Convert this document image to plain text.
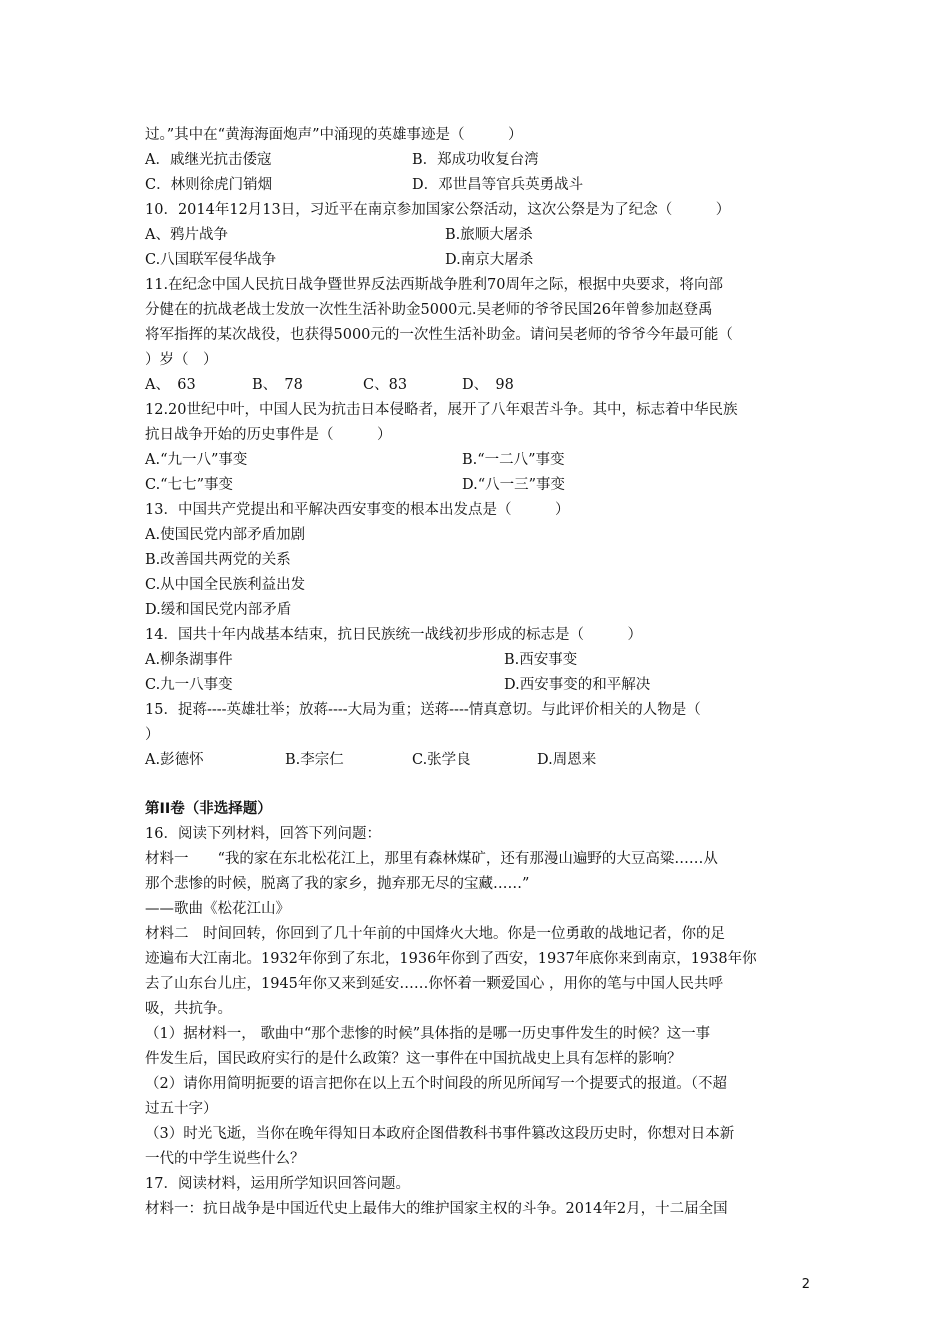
过。”其中在“黄海海面炮声”中涌现的英雄事迹是（　　　）
A．戚继光抗击倭寇	B．郑成功收复台湾
C．林则徐虎门销烟	D．邓世昌等官兵英勇战斗
10．2014年12月13日，习近平在南京参加国家公祭活动，这次公祭是为了纪念（　　　）
A、鸦片战争	B.旅顺大屠杀
C.八国联军侵华战争	D.南京大屠杀
11.在纪念中国人民抗日战争暨世界反法西斯战争胜利70周年之际，根据中央要求，将向部
分健在的抗战老战士发放一次性生活补助金5000元.吴老师的爷爷民国26年曾参加赵登禹
将军指挥的某次战役，也获得5000元的一次性生活补助金。请问吴老师的爷爷今年最可能（
）岁（　）
A、　63	B、　78	C、83	D、　98
12.20世纪中叶，中国人民为抗击日本侵略者，展开了八年艰苦斗争。其中，标志着中华民族
抗日战争开始的历史事件是（　　　）
A.“九一八”事变	B.“一二八”事变
C.“七七”事变	D.“八一三”事变
13．中国共产党提出和平解决西安事变的根本出发点是（　　　）
A.使国民党内部矛盾加剧
B.改善国共两党的关系
C.从中国全民族利益出发
D.缓和国民党内部矛盾
14．国共十年内战基本结束，抗日民族统一战线初步形成的标志是（　　　）
A.柳条湖事件	B.西安事变
C.九一八事变	D.西安事变的和平解决
15．捉蒋----英雄壮举；放蒋----大局为重；送蒋----情真意切。与此评价相关的人物是（
）
A.彭德怀	B.李宗仁	C.张学良	D.周恩来
第II卷（非选择题）
16．阅读下列材料，回答下列问题：
材料一　　“我的家在东北松花江上，那里有森林煤矿，还有那漫山遍野的大豆高粱……从
那个悲惨的时候，脱离了我的家乡，抛弃那无尽的宝藏……”
——歌曲《松花江山》
材料二　时间回转，你回到了几十年前的中国烽火大地。你是一位勇敢的战地记者，你的足
迹遍布大江南北。1932年你到了东北，1936年你到了西安，1937年底你来到南京，1938年你
去了山东台儿庄，1945年你又来到延安……你怀着一颗爱国心 ，用你的笔与中国人民共呼
吸，共抗争。
（1）据材料一， 歌曲中“那个悲惨的时候”具体指的是哪一历史事件发生的时候？这一事
件发生后，国民政府实行的是什么政策？这一事件在中国抗战史上具有怎样的影响？
（2）请你用简明扼要的语言把你在以上五个时间段的所见所闻写一个提要式的报道。（不超
过五十字）
（3）时光飞逝，当你在晚年得知日本政府企图借教科书事件篡改这段历史时，你想对日本新
一代的中学生说些什么？
17．阅读材料，运用所学知识回答问题。
材料一：抗日战争是中国近代史上最伟大的维护国家主权的斗争。2014年2月，十二届全国
2
